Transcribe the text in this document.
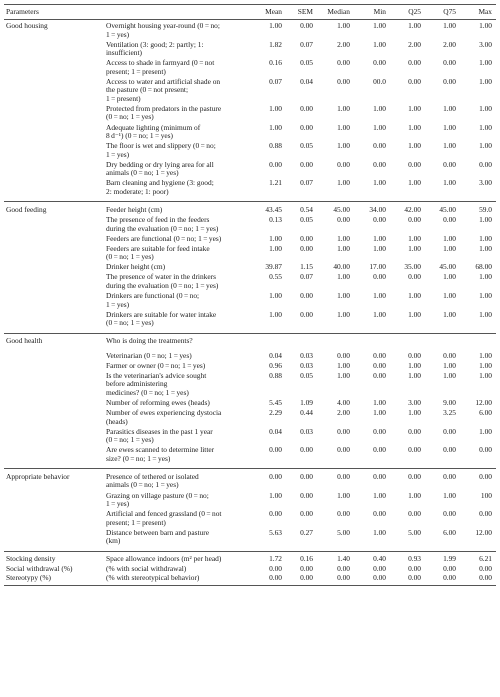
Parameters	Mean	SEM	Median	Min	Q25	Q75	Max
Good housing	Overnight housing year-round (0 = no;
1 = yes)
1.00	0.00	1.00	1.00	1.00	1.00	1.00
Ventilation (3: good; 2: partly; 1:
insufficient)
1.82	0.07	2.00	1.00	2.00	2.00	3.00
Access to shade in farmyard (0 = not
present; 1 = present)
0.16	0.05	0.00	0.00	0.00	0.00	1.00
Access to water and artificial shade on
the pasture (0 = not present;
1 = present)
0.07	0.04	0.00	00.0	0.00	0.00	1.00
Protected from predators in the pasture
(0 = no; 1 = yes)
1.00	0.00	1.00	1.00	1.00	1.00	1.00
Adequate lighting (minimum of
8 d⁻¹) (0 = no; 1 = yes)
1.00	0.00	1.00	1.00	1.00	1.00	1.00
The floor is wet and slippery (0 = no;
1 = yes)
0.88	0.05	1.00	0.00	1.00	1.00	1.00
Dry bedding or dry lying area for all
animals (0 = no; 1 = yes)
0.00	0.00	0.00	0.00	0.00	0.00	0.00
Barn cleaning and hygiene (3: good;
2: moderate; 1: poor)
1.21	0.07	1.00	1.00	1.00	1.00	3.00
Good feeding	Feeder height (cm)	43.45	0.54	45.00	34.00	42.00	45.00	59.0
The presence of feed in the feeders
during the evaluation (0 = no; 1 = yes)
0.13	0.05	0.00	0.00	0.00	0.00	1.00
Feeders are functional (0 = no; 1 = yes)	1.00	0.00	1.00	1.00	1.00	1.00	1.00
Feeders are suitable for feed intake
(0 = no; 1 = yes)
1.00	0.00	1.00	1.00	1.00	1.00	1.00
Drinker height (cm)	39.87	1.15	40.00	17.00	35.00	45.00	68.00
The presence of water in the drinkers
during the evaluation (0 = no; 1 = yes)
0.55	0.07	1.00	0.00	0.00	1.00	1.00
Drinkers are functional (0 = no;
1 = yes)
1.00	0.00	1.00	1.00	1.00	1.00	1.00
Drinkers are suitable for water intake
(0 = no; 1 = yes)
1.00	0.00	1.00	1.00	1.00	1.00	1.00
Good health	Who is doing the treatments?
Veterinarian (0 = no; 1 = yes)	0.04	0.03	0.00	0.00	0.00	0.00	1.00
Farmer or owner (0 = no; 1 = yes)	0.96	0.03	1.00	0.00	1.00	1.00	1.00
Is the veterinarian's advice sought
before administering
medicines? (0 = no; 1 = yes)
0.88	0.05	1.00	0.00	1.00	1.00	1.00
Number of reforming ewes (heads)	5.45	1.09	4.00	1.00	3.00	9.00	12.00
Number of ewes experiencing dystocia
(heads)
2.29	0.44	2.00	1.00	1.00	3.25	6.00
Parasitics diseases in the past 1 year
(0 = no; 1 = yes)
0.04	0.03	0.00	0.00	0.00	0.00	1.00
Are ewes scanned to determine litter
size? (0 = no; 1 = yes)
0.00	0.00	0.00	0.00	0.00	0.00	0.00
Appropriate behavior	Presence of tethered or isolated
animals (0 = no; 1 = yes)
0.00	0.00	0.00	0.00	0.00	0.00	0.00
Grazing on village pasture (0 = no;
1 = yes)
1.00	0.00	1.00	1.00	1.00	1.00	100
Artificial and fenced grassland (0 = not
present; 1 = present)
0.00	0.00	0.00	0.00	0.00	0.00	0.00
Distance between barn and pasture
(km)
5.63	0.27	5.00	1.00	5.00	6.00	12.00
Stocking density	Space allowance indoors (m² per head)	1.72	0.16	1.40	0.40	0.93	1.99	6.21
Social withdrawal (%)	(% with social withdrawal)	0.00	0.00	0.00	0.00	0.00	0.00	0.00
Stereotypy (%)	(% with stereotypical behavior)	0.00	0.00	0.00	0.00	0.00	0.00	0.00
